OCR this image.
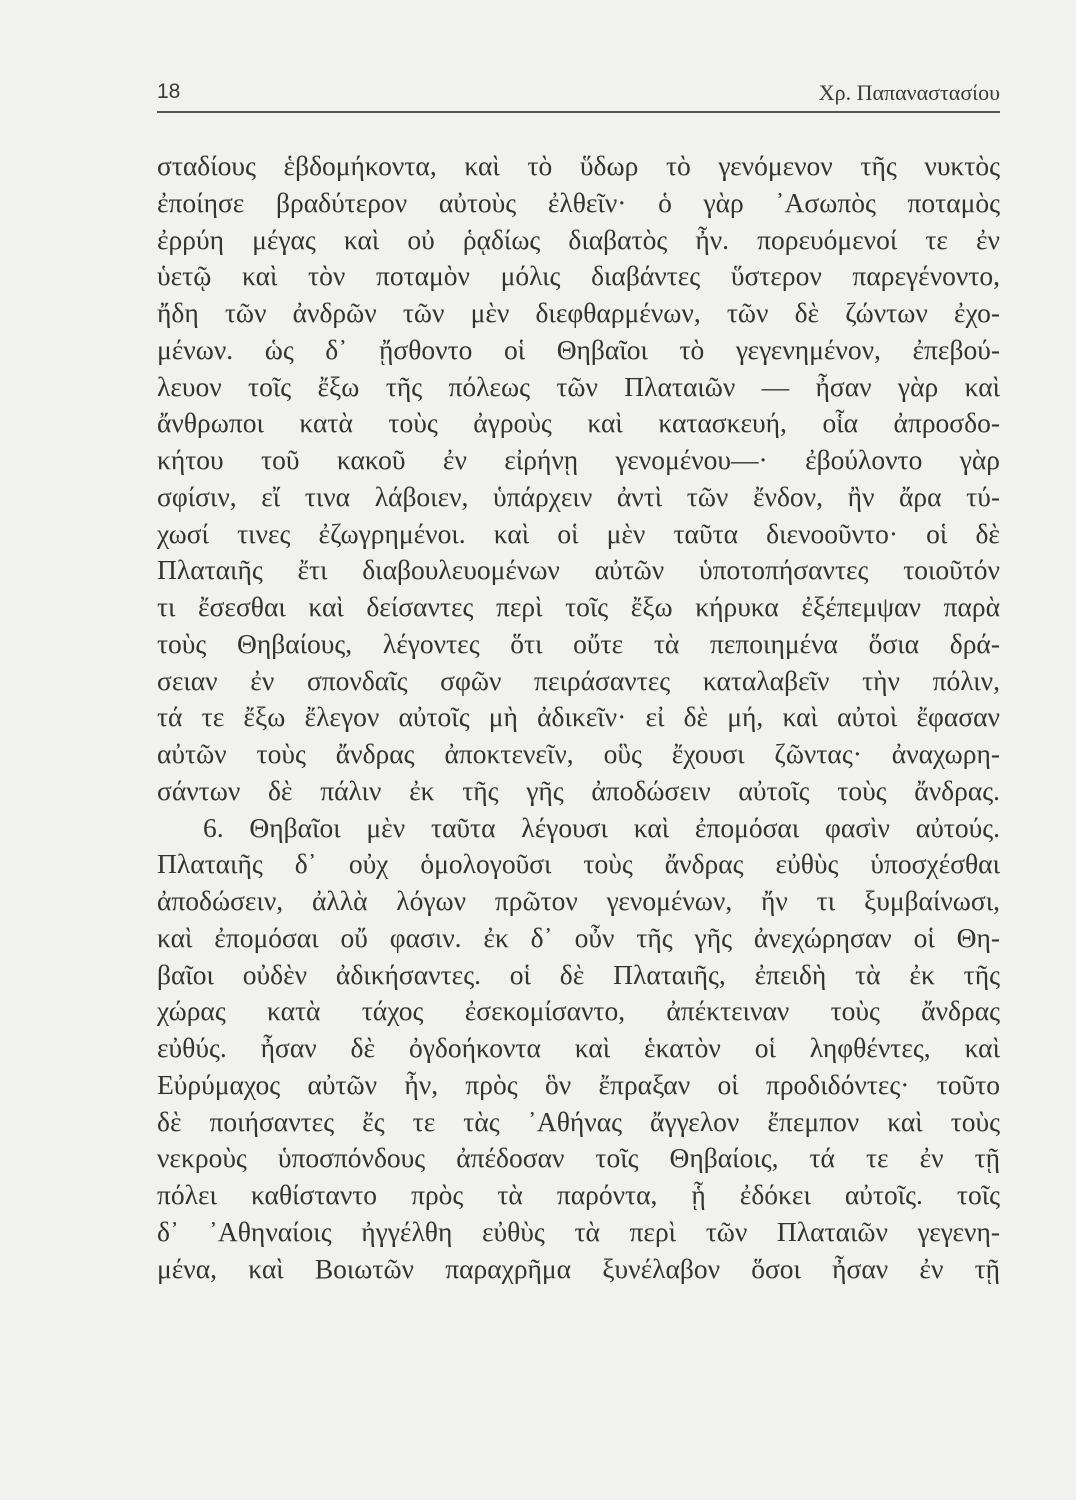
18	Χρ. Παπαναστασίου
σταδίους ἑβδομήκοντα, καὶ τὸ ὕδωρ τὸ γενόμενον τῆς νυκτὸς
ἐποίησε βραδύτερον αὐτοὺς ἐλθεῖν· ὁ γὰρ ᾿Ασωπὸς ποταμὸς
ἐρρύη μέγας καὶ οὐ ῥᾳδίως διαβατὸς ἦν. πορευόμενοί τε ἐν
ὑετῷ καὶ τὸν ποταμὸν μόλις διαβάντες ὕστερον παρεγένοντο,
ἤδη τῶν ἀνδρῶν τῶν μὲν διεφθαρμένων, τῶν δὲ ζώντων ἐχο-
μένων. ὡς δ᾿ ᾔσθοντο οἱ Θηβαῖοι τὸ γεγενημένον, ἐπεβού-
λευον τοῖς ἔξω τῆς πόλεως τῶν Πλαταιῶν — ἦσαν γὰρ καὶ
ἄνθρωποι κατὰ τοὺς ἀγροὺς καὶ κατασκευή, οἷα ἀπροσδο-
κήτου τοῦ κακοῦ ἐν εἰρήνῃ γενομένου—· ἐβούλοντο γὰρ
σφίσιν, εἴ τινα λάβοιεν, ὑπάρχειν ἀντὶ τῶν ἔνδον, ἢν ἄρα τύ-
χωσί τινες ἐζωγρημένοι. καὶ οἱ μὲν ταῦτα διενοοῦντο· οἱ δὲ
Πλαταιῆς ἔτι διαβουλευομένων αὐτῶν ὑποτοπήσαντες τοιοῦτόν
τι ἔσεσθαι καὶ δείσαντες περὶ τοῖς ἔξω κήρυκα ἐξέπεμψαν παρὰ
τοὺς Θηβαίους, λέγοντες ὅτι οὔτε τὰ πεποιημένα ὅσια δρά-
σειαν ἐν σπονδαῖς σφῶν πειράσαντες καταλαβεῖν τὴν πόλιν,
τά τε ἔξω ἔλεγον αὐτοῖς μὴ ἀδικεῖν· εἰ δὲ μή, καὶ αὐτοὶ ἔφασαν
αὐτῶν τοὺς ἄνδρας ἀποκτενεῖν, οὓς ἔχουσι ζῶντας· ἀναχωρη-
σάντων δὲ πάλιν ἐκ τῆς γῆς ἀποδώσειν αὐτοῖς τοὺς ἄνδρας.
6. Θηβαῖοι μὲν ταῦτα λέγουσι καὶ ἐπομόσαι φασὶν αὐτούς.
Πλαταιῆς δ᾿ οὐχ ὁμολογοῦσι τοὺς ἄνδρας εὐθὺς ὑποσχέσθαι
ἀποδώσειν, ἀλλὰ λόγων πρῶτον γενομένων, ἤν τι ξυμβαίνωσι,
καὶ ἐπομόσαι οὔ φασιν. ἐκ δ᾿ οὖν τῆς γῆς ἀνεχώρησαν οἱ Θη-
βαῖοι οὐδὲν ἀδικήσαντες. οἱ δὲ Πλαταιῆς, ἐπειδὴ τὰ ἐκ τῆς
χώρας κατὰ τάχος ἐσεκομίσαντο, ἀπέκτειναν τοὺς ἄνδρας
εὐθύς. ἦσαν δὲ ὀγδοήκοντα καὶ ἑκατὸν οἱ ληφθέντες, καὶ
Εὐρύμαχος αὐτῶν ἦν, πρὸς ὃν ἔπραξαν οἱ προδιδόντες· τοῦτο
δὲ ποιήσαντες ἔς τε τὰς ᾿Αθήνας ἄγγελον ἔπεμπον καὶ τοὺς
νεκροὺς ὑποσπόνδους ἀπέδοσαν τοῖς Θηβαίοις, τά τε ἐν τῇ
πόλει καθίσταντο πρὸς τὰ παρόντα, ᾗ ἐδόκει αὐτοῖς. τοῖς
δ᾿ ᾿Αθηναίοις ἠγγέλθη εὐθὺς τὰ περὶ τῶν Πλαταιῶν γεγενη-
μένα, καὶ Βοιωτῶν παραχρῆμα ξυνέλαβον ὅσοι ἦσαν ἐν τῇ
